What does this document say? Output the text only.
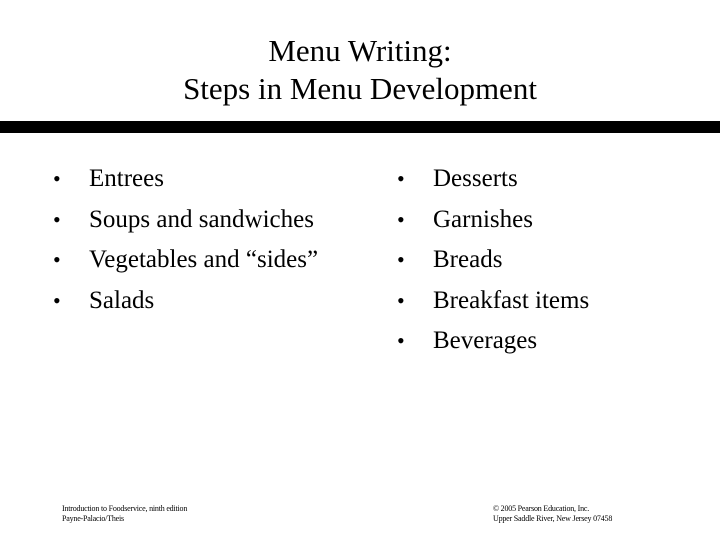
Menu Writing:
Steps in Menu Development
• Entrees
• Soups and sandwiches
• Vegetables and “sides”
• Salads
• Desserts
• Garnishes
• Breads
• Breakfast items
• Beverages
Introduction to Foodservice, ninth edition
Payne-Palacio/Theis
© 2005 Pearson Education, Inc.
Upper Saddle River, New Jersey 07458
